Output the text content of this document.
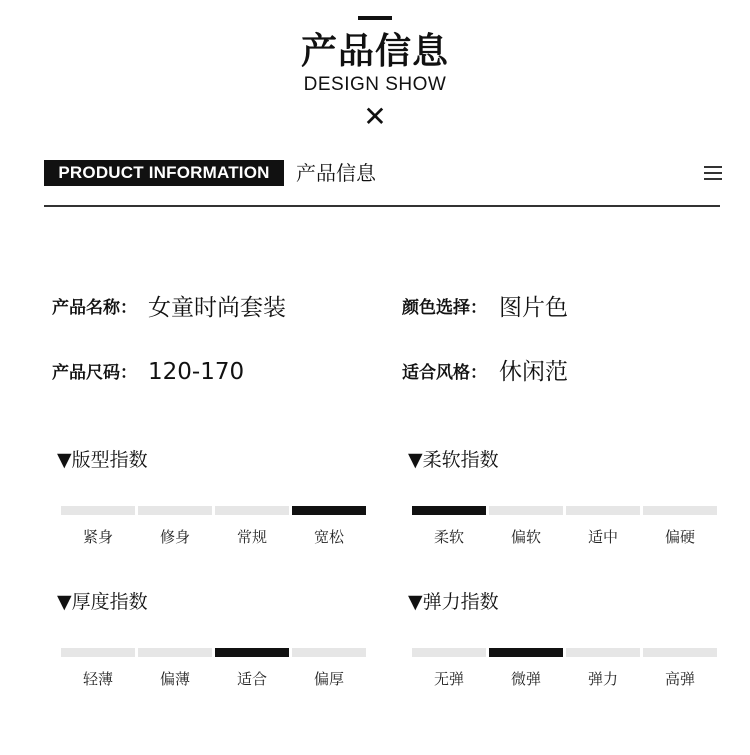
产品信息
DESIGN SHOW
✕
PRODUCT INFORMATION	产品信息
产品名称： 女童时尚套装	颜色选择： 图片色
产品尺码： 120-170	适合风格： 休闲范
▼版型指数	▼柔软指数
▼厚度指数	▼弹力指数
紧身	修身	常规	宽松	柔软	偏软	适中	偏硬
轻薄	偏薄	适合	偏厚	无弹	微弹	弹力	高弹
